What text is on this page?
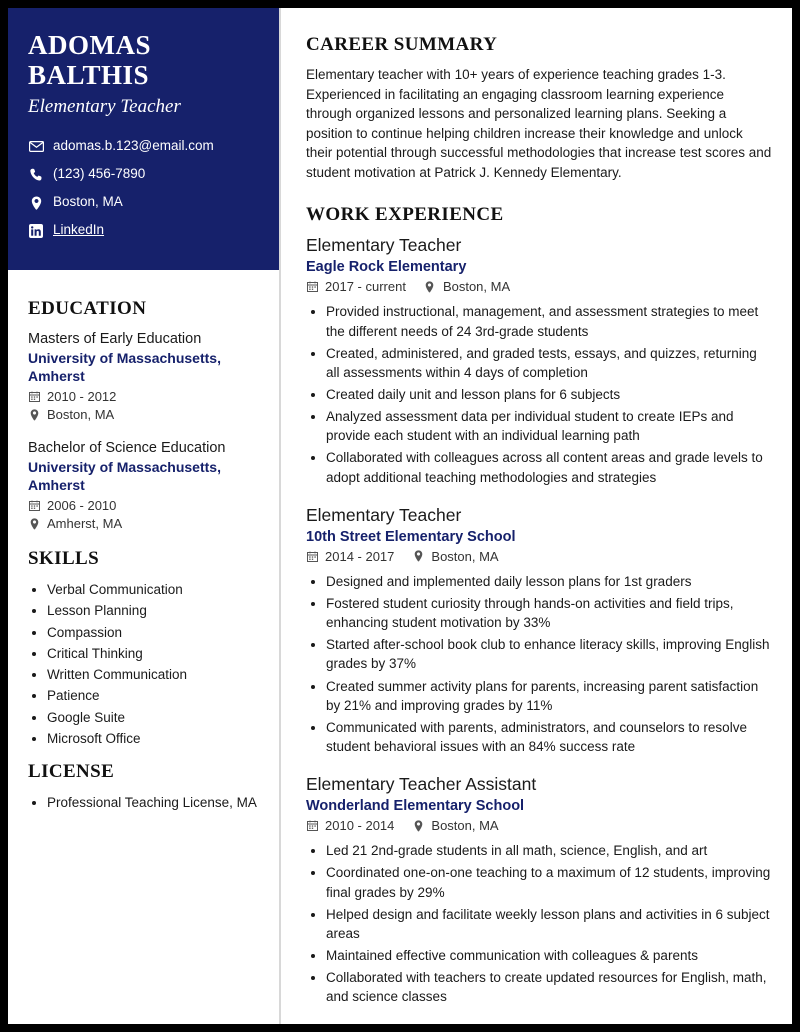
ADOMAS
BALTHIS
Elementary Teacher
adomas.b.123@email.com
(123) 456-7890
Boston, MA
LinkedIn
EDUCATION
Masters of Early Education
University of Massachusetts, Amherst
2010 - 2012
Boston, MA
Bachelor of Science Education
University of Massachusetts, Amherst
2006 - 2010
Amherst, MA
SKILLS
• Verbal Communication
• Lesson Planning
• Compassion
• Critical Thinking
• Written Communication
• Patience
• Google Suite
• Microsoft Office
LICENSE
• Professional Teaching License, MA
CAREER SUMMARY

Elementary teacher with 10+ years of experience teaching grades 1-3. Experienced in facilitating an engaging classroom learning experience through organized lessons and personalized learning plans. Seeking a position to continue helping children increase their knowledge and unlock their potential through successful methodologies that increase test scores and student motivation at Patrick J. Kennedy Elementary.

WORK EXPERIENCE
Elementary Teacher
Eagle Rock Elementary
2017 - current	Boston, MA
• Provided instructional, management, and assessment strategies to meet the different needs of 24 3rd-grade students
• Created, administered, and graded tests, essays, and quizzes, returning all assessments within 4 days of completion
• Created daily unit and lesson plans for 6 subjects
• Analyzed assessment data per individual student to create IEPs and provide each student with an individual learning path
• Collaborated with colleagues across all content areas and grade levels to adopt additional teaching methodologies and strategies
Elementary Teacher
10th Street Elementary School
2014 - 2017	Boston, MA
• Designed and implemented daily lesson plans for 1st graders
• Fostered student curiosity through hands-on activities and field trips, enhancing student motivation by 33%
• Started after-school book club to enhance literacy skills, improving English grades by 37%
• Created summer activity plans for parents, increasing parent satisfaction by 21% and improving grades by 11%
• Communicated with parents, administrators, and counselors to resolve student behavioral issues with an 84% success rate
Elementary Teacher Assistant
Wonderland Elementary School
2010 - 2014	Boston, MA
• Led 21 2nd-grade students in all math, science, English, and art
• Coordinated one-on-one teaching to a maximum of 12 students, improving final grades by 29%
• Helped design and facilitate weekly lesson plans and activities in 6 subject areas
• Maintained effective communication with colleagues & parents
• Collaborated with teachers to create updated resources for English, math, and science classes
